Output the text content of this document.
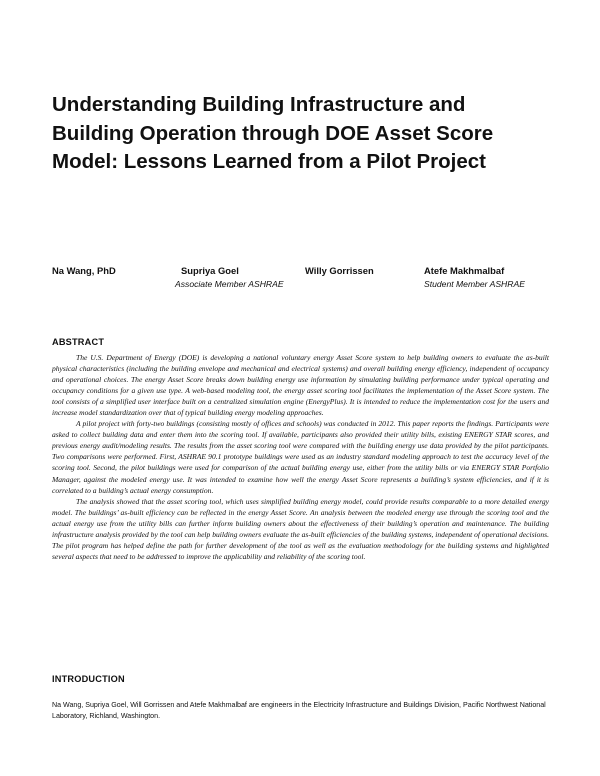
Understanding Building Infrastructure and Building Operation through DOE Asset Score Model: Lessons Learned from a Pilot Project
Na Wang, PhD	Supriya Goel
Associate Member ASHRAE
Willy Gorrissen	Atefe Makhmalbaf
Student Member ASHRAE
ABSTRACT

The U.S. Department of Energy (DOE) is developing a national voluntary energy Asset Score system to help building owners to evaluate the as-built physical characteristics (including the building envelope and mechanical and electrical systems) and overall building energy efficiency, independent of occupancy and operational choices. The energy Asset Score breaks down building energy use information by simulating building performance under typical operating and occupancy conditions for a given use type. A web-based modeling tool, the energy asset scoring tool facilitates the implementation of the Asset Score system. The tool consists of a simplified user interface built on a centralized simulation engine (EnergyPlus). It is intended to reduce the implementation cost for the users and increase model standardization over that of typical building energy modeling approaches.

A pilot project with forty-two buildings (consisting mostly of offices and schools) was conducted in 2012. This paper reports the findings. Participants were asked to collect building data and enter them into the scoring tool. If available, participants also provided their utility bills, existing ENERGY STAR scores, and previous energy audit/modeling results. The results from the asset scoring tool were compared with the building energy use data provided by the pilot participants. Two comparisons were performed. First, ASHRAE 90.1 prototype buildings were used as an industry standard modeling approach to test the accuracy level of the scoring tool. Second, the pilot buildings were used for comparison of the actual building energy use, either from the utility bills or via ENERGY STAR Portfolio Manager, against the modeled energy use. It was intended to examine how well the energy Asset Score represents a building’s system efficiencies, and if it is correlated to a building’s actual energy consumption.

The analysis showed that the asset scoring tool, which uses simplified building energy model, could provide results comparable to a more detailed energy model. The buildings’ as-built efficiency can be reflected in the energy Asset Score. An analysis between the modeled energy use through the scoring tool and the actual energy use from the utility bills can further inform building owners about the effectiveness of their building’s operation and maintenance. The building infrastructure analysis provided by the tool can help building owners evaluate the as-built efficiencies of the building systems, independent of operational decisions. The pilot program has helped define the path for further development of the tool as well as the evaluation methodology for the building systems and highlighted several aspects that need to be addressed to improve the applicability and reliability of the scoring tool.

INTRODUCTION
Na Wang, Supriya Goel, Will Gorrissen and Atefe Makhmalbaf are engineers in the Electricity Infrastructure and Buildings Division, Pacific Northwest National Laboratory, Richland, Washington.
